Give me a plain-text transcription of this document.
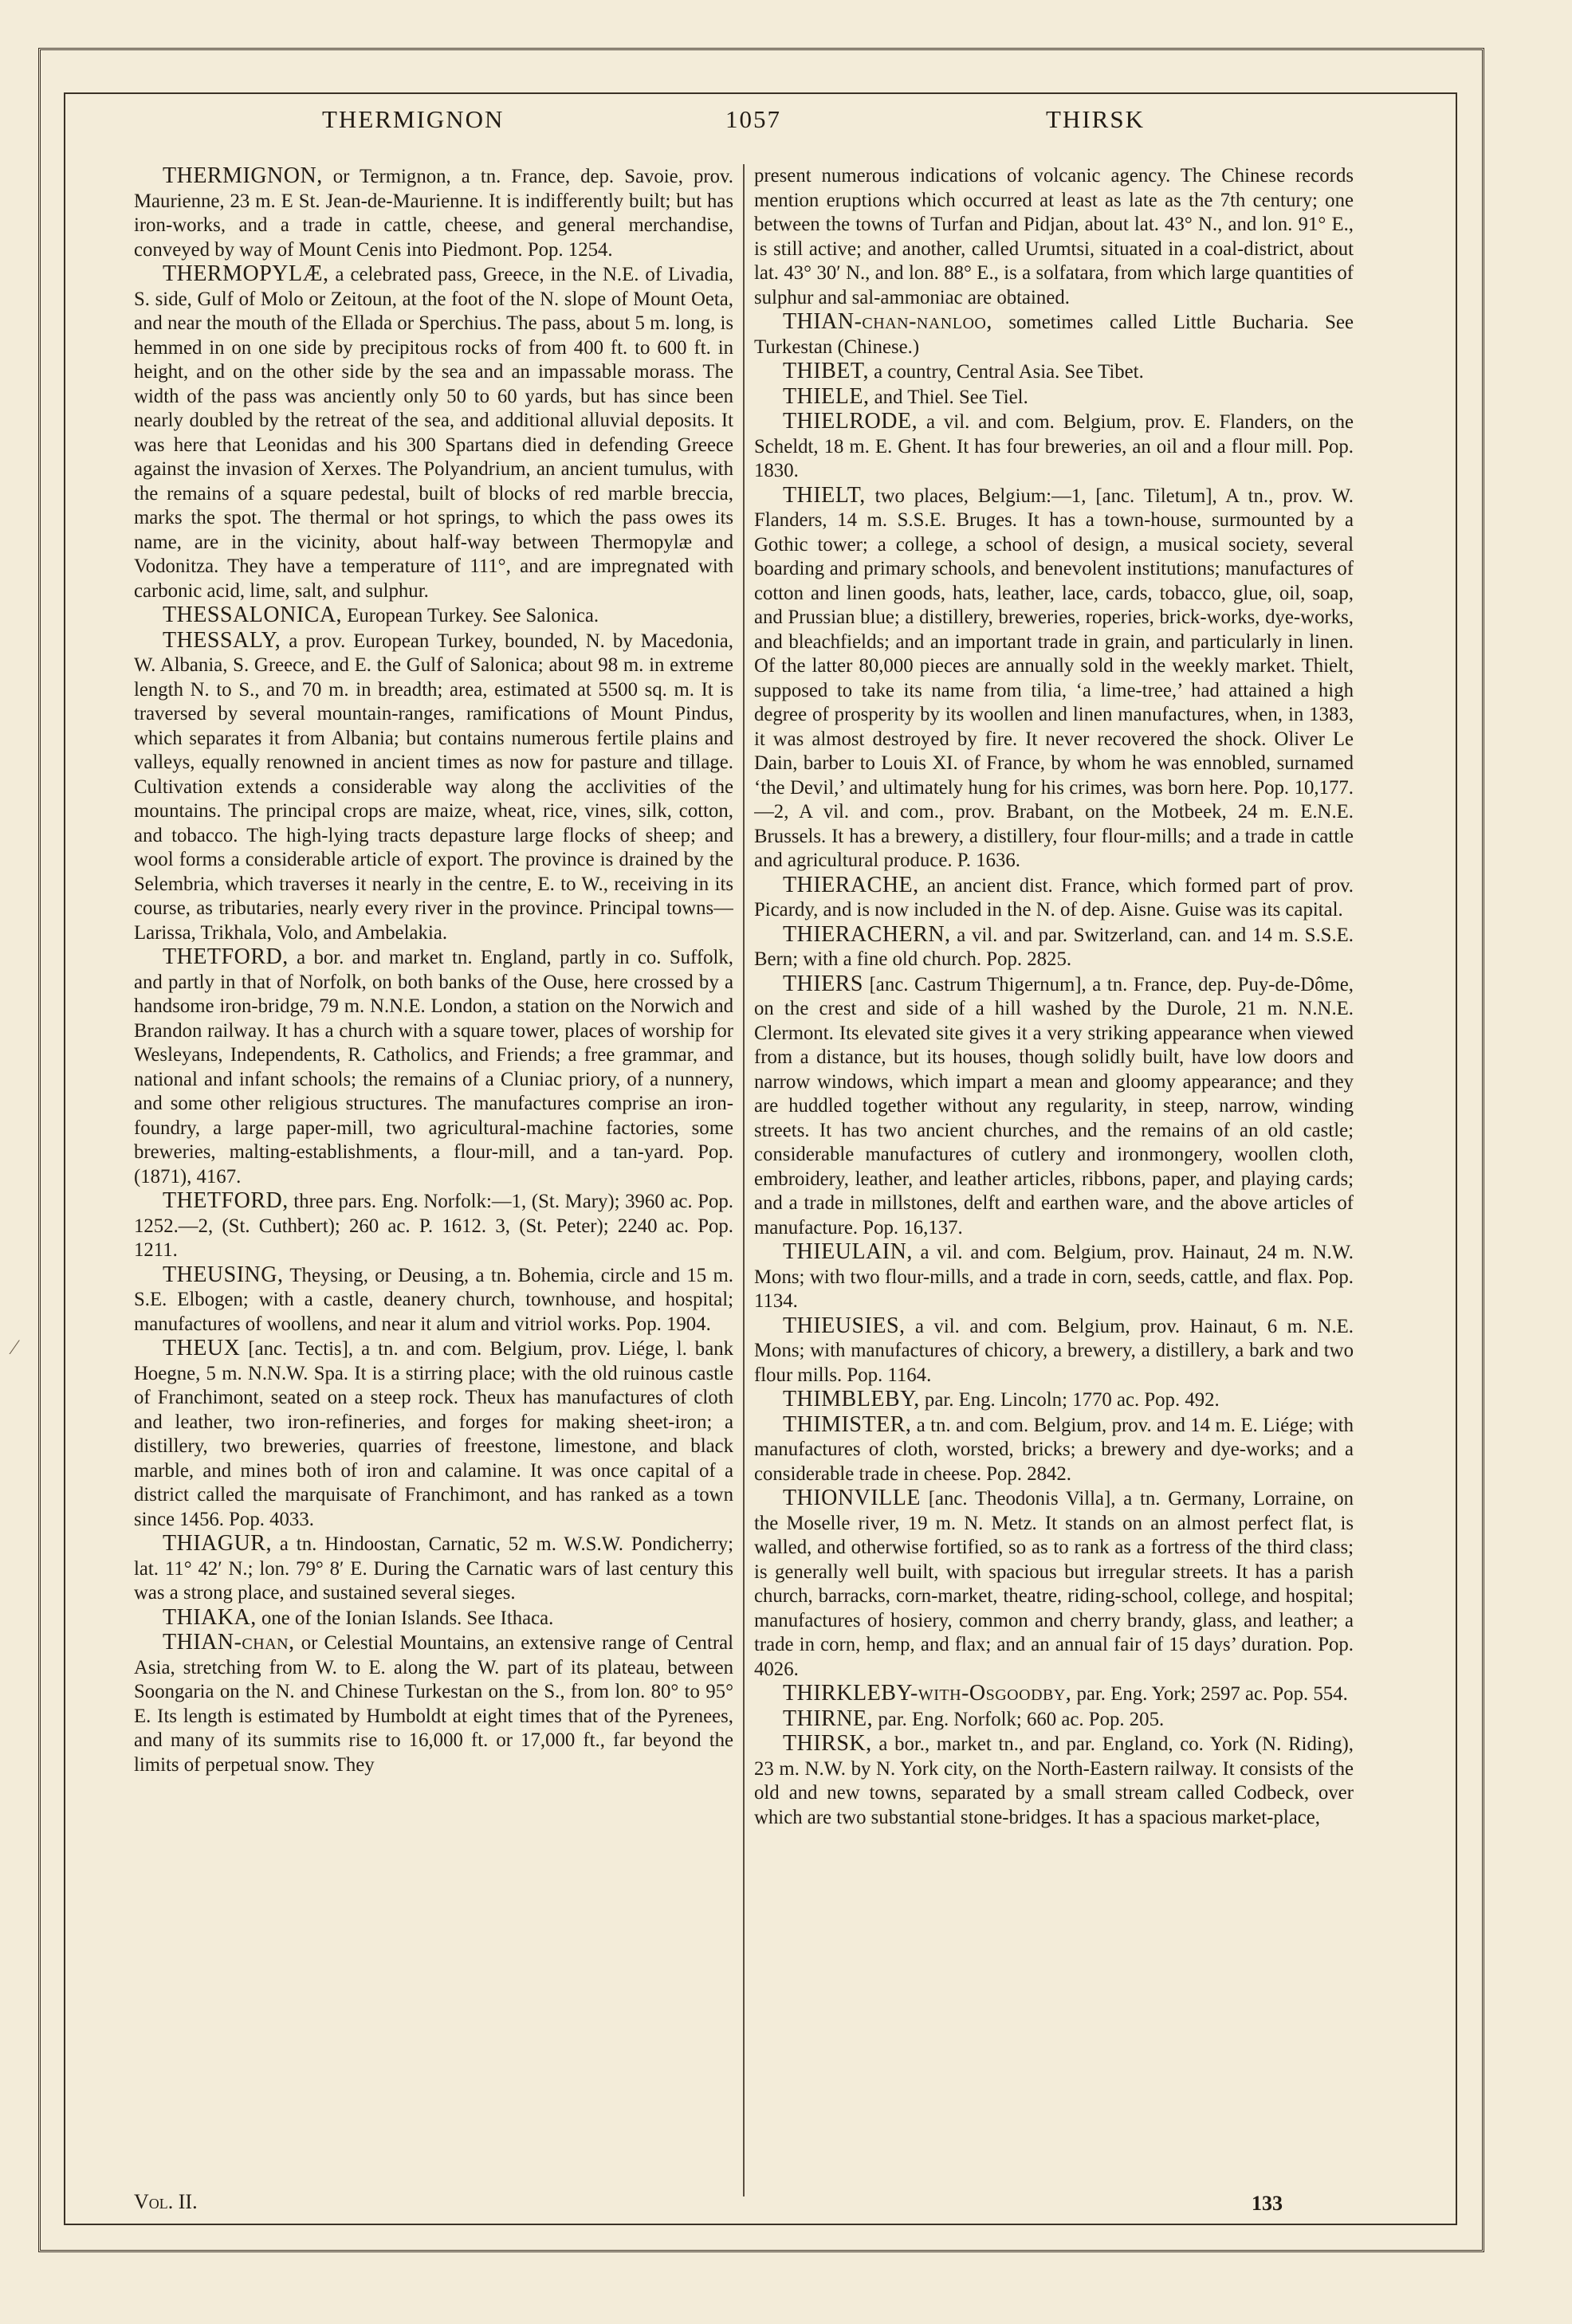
THERMIGNON	1057	THIRSK

THERMIGNON, or Termignon, a tn. France, dep. Savoie, prov. Maurienne, 23 m. E St. Jean-de-Maurienne. It is indifferently built; but has iron-works, and a trade in cattle, cheese, and general merchandise, conveyed by way of Mount Cenis into Piedmont. Pop. 1254.

THERMOPYLÆ, a celebrated pass, Greece, in the N.E. of Livadia, S. side, Gulf of Molo or Zeitoun, at the foot of the N. slope of Mount Oeta, and near the mouth of the Ellada or Sperchius. The pass, about 5 m. long, is hemmed in on one side by precipitous rocks of from 400 ft. to 600 ft. in height, and on the other side by the sea and an impassable morass. The width of the pass was anciently only 50 to 60 yards, but has since been nearly doubled by the retreat of the sea, and additional alluvial deposits. It was here that Leonidas and his 300 Spartans died in defending Greece against the invasion of Xerxes. The Polyandrium, an ancient tumulus, with the remains of a square pedestal, built of blocks of red marble breccia, marks the spot. The thermal or hot springs, to which the pass owes its name, are in the vicinity, about half-way between Thermopylæ and Vodonitza. They have a temperature of 111°, and are impregnated with carbonic acid, lime, salt, and sulphur.

THESSALONICA, European Turkey. See Salonica.

THESSALY, a prov. European Turkey, bounded, N. by Macedonia, W. Albania, S. Greece, and E. the Gulf of Salonica; about 98 m. in extreme length N. to S., and 70 m. in breadth; area, estimated at 5500 sq. m. It is traversed by several mountain-ranges, ramifications of Mount Pindus, which separates it from Albania; but contains numerous fertile plains and valleys, equally renowned in ancient times as now for pasture and tillage. Cultivation extends a considerable way along the acclivities of the mountains. The principal crops are maize, wheat, rice, vines, silk, cotton, and tobacco. The high-lying tracts depasture large flocks of sheep; and wool forms a considerable article of export. The province is drained by the Selembria, which traverses it nearly in the centre, E. to W., receiving in its course, as tributaries, nearly every river in the province. Principal towns—Larissa, Trikhala, Volo, and Ambelakia.

THETFORD, a bor. and market tn. England, partly in co. Suffolk, and partly in that of Norfolk, on both banks of the Ouse, here crossed by a handsome iron-bridge, 79 m. N.N.E. London, a station on the Norwich and Brandon railway. It has a church with a square tower, places of worship for Wesleyans, Independents, R. Catholics, and Friends; a free grammar, and national and infant schools; the remains of a Cluniac priory, of a nunnery, and some other religious structures. The manufactures comprise an iron-foundry, a large paper-mill, two agricultural-machine factories, some breweries, malting-establishments, a flour-mill, and a tan-yard. Pop. (1871), 4167.

THETFORD, three pars. Eng. Norfolk:—1, (St. Mary); 3960 ac. Pop. 1252.—2, (St. Cuthbert); 260 ac. P. 1612. 3, (St. Peter); 2240 ac. Pop. 1211.

THEUSING, Theysing, or Deusing, a tn. Bohemia, circle and 15 m. S.E. Elbogen; with a castle, deanery church, townhouse, and hospital; manufactures of woollens, and near it alum and vitriol works. Pop. 1904.

THEUX [anc. Tectis], a tn. and com. Belgium, prov. Liége, l. bank Hoegne, 5 m. N.N.W. Spa. It is a stirring place; with the old ruinous castle of Franchimont, seated on a steep rock. Theux has manufactures of cloth and leather, two iron-refineries, and forges for making sheet-iron; a distillery, two breweries, quarries of freestone, limestone, and black marble, and mines both of iron and calamine. It was once capital of a district called the marquisate of Franchimont, and has ranked as a town since 1456. Pop. 4033.

THIAGUR, a tn. Hindoostan, Carnatic, 52 m. W.S.W. Pondicherry; lat. 11° 42′ N.; lon. 79° 8′ E. During the Carnatic wars of last century this was a strong place, and sustained several sieges.

THIAKA, one of the Ionian Islands. See Ithaca.

THIAN-chan, or Celestial Mountains, an extensive range of Central Asia, stretching from W. to E. along the W. part of its plateau, between Soongaria on the N. and Chinese Turkestan on the S., from lon. 80° to 95° E. Its length is estimated by Humboldt at eight times that of the Pyrenees, and many of its summits rise to 16,000 ft. or 17,000 ft., far beyond the limits of perpetual snow. They

present numerous indications of volcanic agency. The Chinese records mention eruptions which occurred at least as late as the 7th century; one between the towns of Turfan and Pidjan, about lat. 43° N., and lon. 91° E., is still active; and another, called Urumtsi, situated in a coal-district, about lat. 43° 30′ N., and lon. 88° E., is a solfatara, from which large quantities of sulphur and sal-ammoniac are obtained.

THIAN-chan-nanloo, sometimes called Little Bucharia. See Turkestan (Chinese.)

THIBET, a country, Central Asia. See Tibet.

THIELE, and Thiel. See Tiel.

THIELRODE, a vil. and com. Belgium, prov. E. Flanders, on the Scheldt, 18 m. E. Ghent. It has four breweries, an oil and a flour mill. Pop. 1830.

THIELT, two places, Belgium:—1, [anc. Tiletum], A tn., prov. W. Flanders, 14 m. S.S.E. Bruges. It has a town-house, surmounted by a Gothic tower; a college, a school of design, a musical society, several boarding and primary schools, and benevolent institutions; manufactures of cotton and linen goods, hats, leather, lace, cards, tobacco, glue, oil, soap, and Prussian blue; a distillery, breweries, roperies, brick-works, dye-works, and bleachfields; and an important trade in grain, and particularly in linen. Of the latter 80,000 pieces are annually sold in the weekly market. Thielt, supposed to take its name from tilia, ‘a lime-tree,’ had attained a high degree of prosperity by its woollen and linen manufactures, when, in 1383, it was almost destroyed by fire. It never recovered the shock. Oliver Le Dain, barber to Louis XI. of France, by whom he was ennobled, surnamed ‘the Devil,’ and ultimately hung for his crimes, was born here. Pop. 10,177.—2, A vil. and com., prov. Brabant, on the Motbeek, 24 m. E.N.E. Brussels. It has a brewery, a distillery, four flour-mills; and a trade in cattle and agricultural produce. P. 1636.

THIERACHE, an ancient dist. France, which formed part of prov. Picardy, and is now included in the N. of dep. Aisne. Guise was its capital.

THIERACHERN, a vil. and par. Switzerland, can. and 14 m. S.S.E. Bern; with a fine old church. Pop. 2825.

THIERS [anc. Castrum Thigernum], a tn. France, dep. Puy-de-Dôme, on the crest and side of a hill washed by the Durole, 21 m. N.N.E. Clermont. Its elevated site gives it a very striking appearance when viewed from a distance, but its houses, though solidly built, have low doors and narrow windows, which impart a mean and gloomy appearance; and they are huddled together without any regularity, in steep, narrow, winding streets. It has two ancient churches, and the remains of an old castle; considerable manufactures of cutlery and ironmongery, woollen cloth, embroidery, leather, and leather articles, ribbons, paper, and playing cards; and a trade in millstones, delft and earthen ware, and the above articles of manufacture. Pop. 16,137.

THIEULAIN, a vil. and com. Belgium, prov. Hainaut, 24 m. N.W. Mons; with two flour-mills, and a trade in corn, seeds, cattle, and flax. Pop. 1134.

THIEUSIES, a vil. and com. Belgium, prov. Hainaut, 6 m. N.E. Mons; with manufactures of chicory, a brewery, a distillery, a bark and two flour mills. Pop. 1164.

THIMBLEBY, par. Eng. Lincoln; 1770 ac. Pop. 492.

THIMISTER, a tn. and com. Belgium, prov. and 14 m. E. Liége; with manufactures of cloth, worsted, bricks; a brewery and dye-works; and a considerable trade in cheese. Pop. 2842.

THIONVILLE [anc. Theodonis Villa], a tn. Germany, Lorraine, on the Moselle river, 19 m. N. Metz. It stands on an almost perfect flat, is walled, and otherwise fortified, so as to rank as a fortress of the third class; is generally well built, with spacious but irregular streets. It has a parish church, barracks, corn-market, theatre, riding-school, college, and hospital; manufactures of hosiery, common and cherry brandy, glass, and leather; a trade in corn, hemp, and flax; and an annual fair of 15 days’ duration. Pop. 4026.

THIRKLEBY-with-Osgoodby, par. Eng. York; 2597 ac. Pop. 554.

THIRNE, par. Eng. Norfolk; 660 ac. Pop. 205.

THIRSK, a bor., market tn., and par. England, co. York (N. Riding), 23 m. N.W. by N. York city, on the North-Eastern railway. It consists of the old and new towns, separated by a small stream called Codbeck, over which are two substantial stone-bridges. It has a spacious market-place,

Vol. II.	133
⁄
